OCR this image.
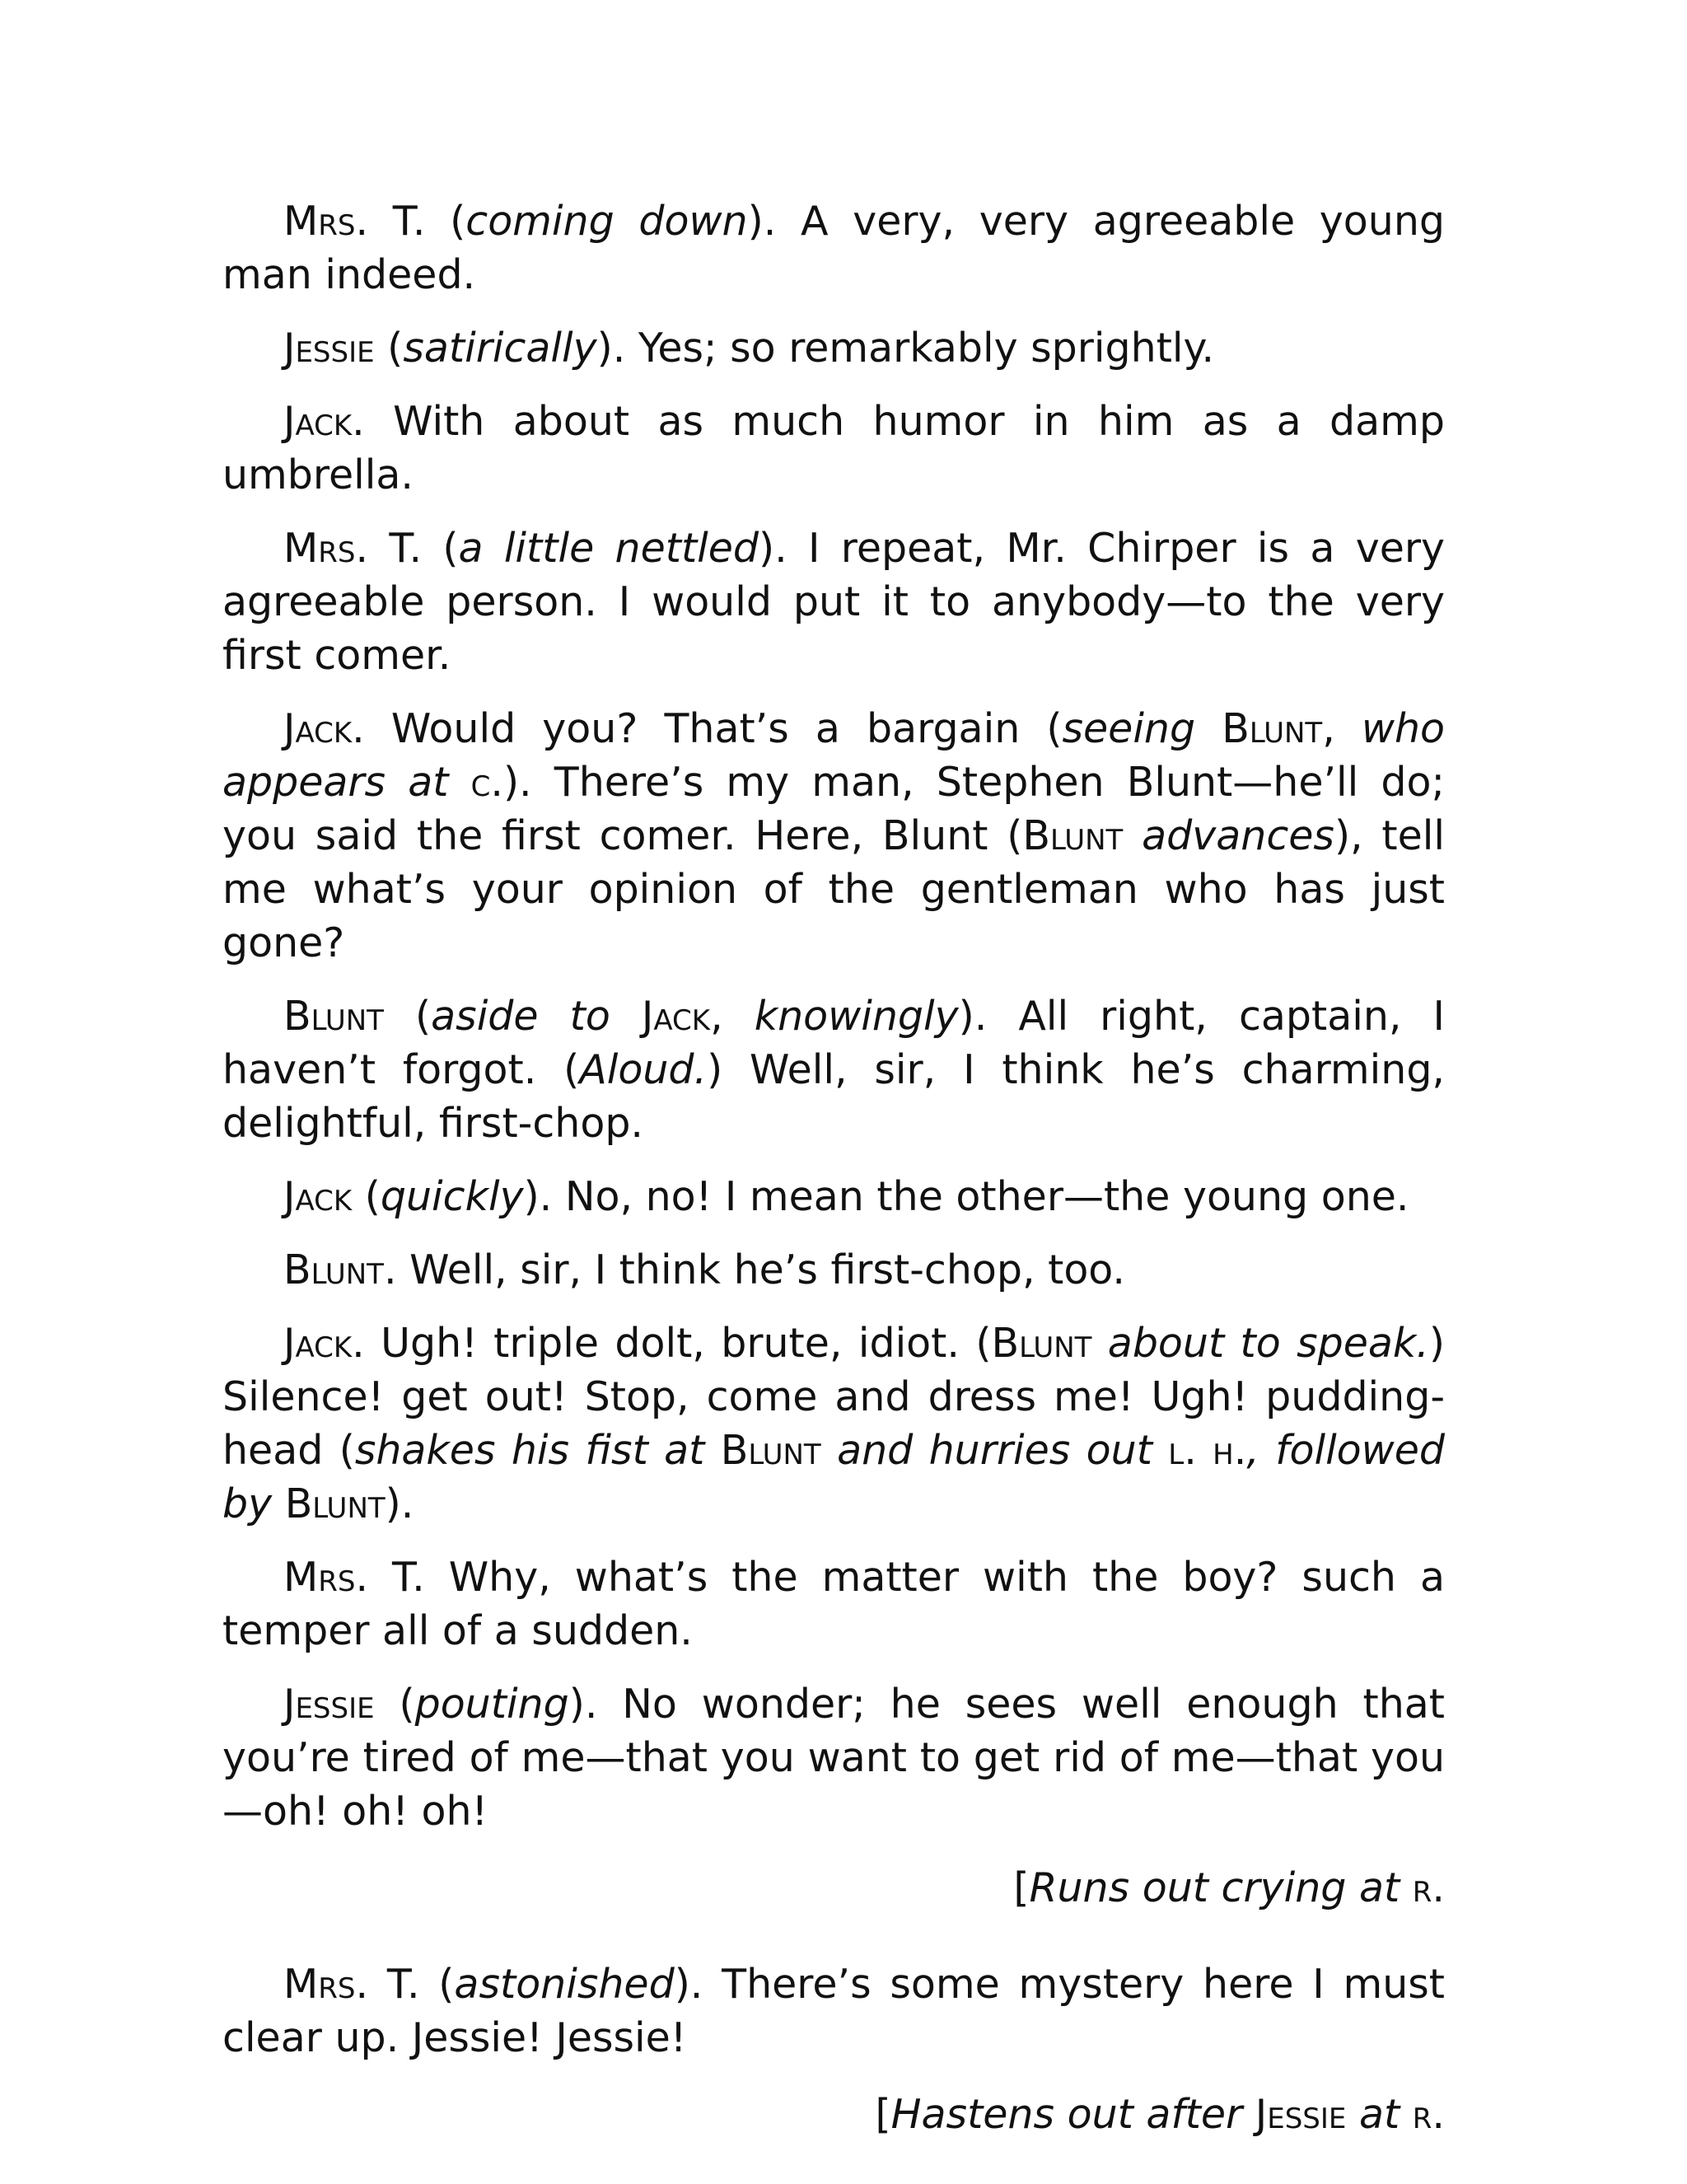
Mrs. T. (coming down). A very, very agreeable young man indeed.

Jessie (satirically). Yes; so remarkably sprightly.

Jack. With about as much humor in him as a damp umbrella.

Mrs. T. (a little nettled). I repeat, Mr. Chirper is a very agreeable person. I would put it to anybody—to the very first comer.

Jack. Would you? That’s a bargain (seeing Blunt, who appears at c.). There’s my man, Stephen Blunt—he’ll do; you said the first comer. Here, Blunt (Blunt advances), tell me what’s your opinion of the gentleman who has just gone?

Blunt (aside to Jack, knowingly). All right, captain, I haven’t forgot. (Aloud.) Well, sir, I think he’s charming, delightful, first-chop.

Jack (quickly). No, no! I mean the other—the young one.

Blunt. Well, sir, I think he’s first-chop, too.

Jack. Ugh! triple dolt, brute, idiot. (Blunt about to speak.) Silence! get out! Stop, come and dress me! Ugh! pudding-head (shakes his fist at Blunt and hurries out l. h., followed by Blunt).

Mrs. T. Why, what’s the matter with the boy? such a temper all of a sudden.

Jessie (pouting). No wonder; he sees well enough that you’re tired of me—that you want to get rid of me—that you—oh! oh! oh!

[Runs out crying at r.

Mrs. T. (astonished). There’s some mystery here I must clear up. Jessie! Jessie!

[Hastens out after Jessie at r.
